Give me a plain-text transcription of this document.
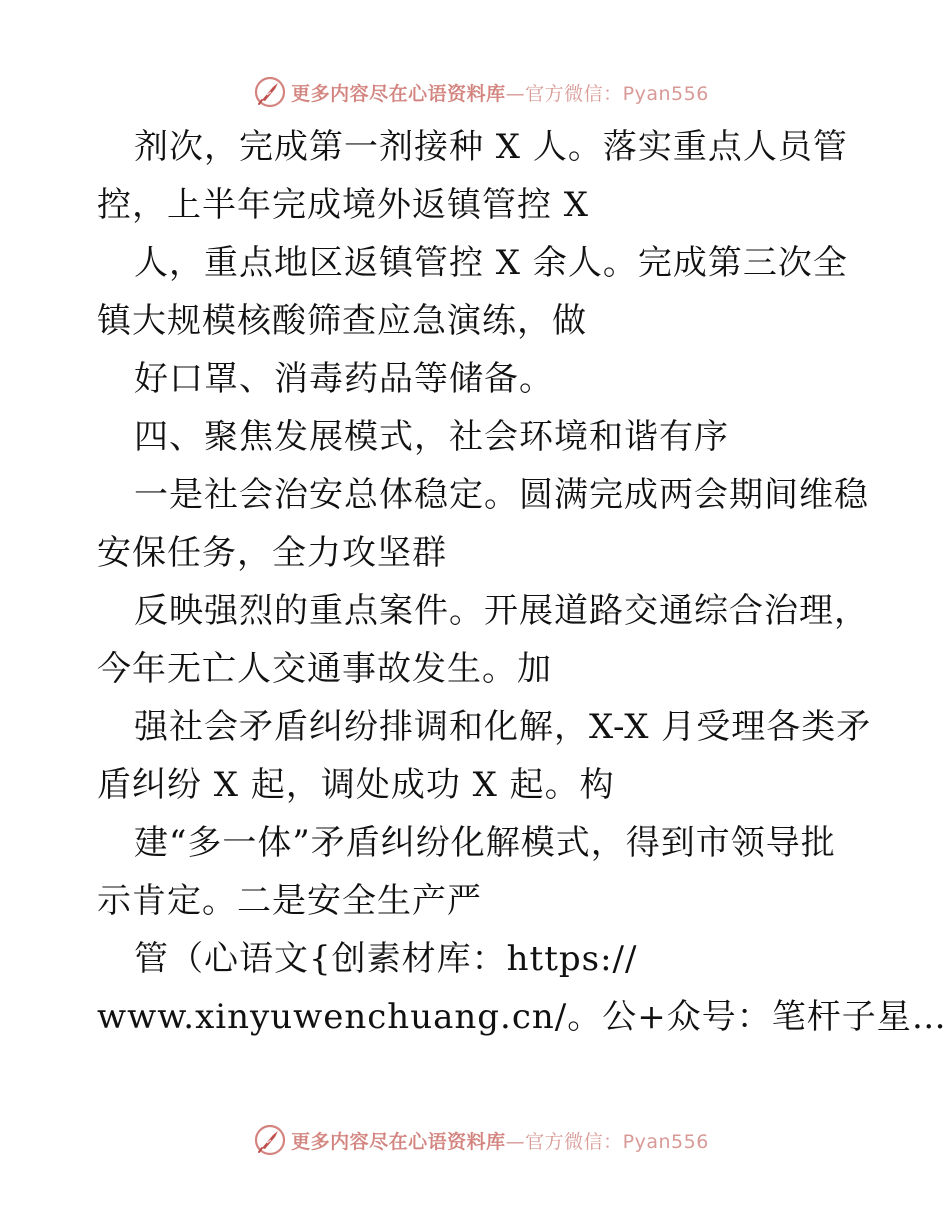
更多内容尽在心语资料库—官方微信：Pyan556
剂次，完成第一剂接种 X 人。落实重点人员管
控，上半年完成境外返镇管控 X
人，重点地区返镇管控 X 余人。完成第三次全
镇大规模核酸筛查应急演练，做
好口罩、消毒药品等储备。
四、聚焦发展模式，社会环境和谐有序
一是社会治安总体稳定。圆满完成两会期间维稳
安保任务，全力攻坚群
反映强烈的重点案件。开展道路交通综合治理，
今年无亡人交通事故发生。加
强社会矛盾纠纷排调和化解，X-X 月受理各类矛
盾纠纷 X 起，调处成功 X 起。构
建“多一体”矛盾纠纷化解模式，得到市领导批
示肯定。二是安全生产严
管（心语文{创素材库：https://
www.xinyuwenchuang.cn/。公+众号：笔杆子星…
更多内容尽在心语资料库—官方微信：Pyan556
